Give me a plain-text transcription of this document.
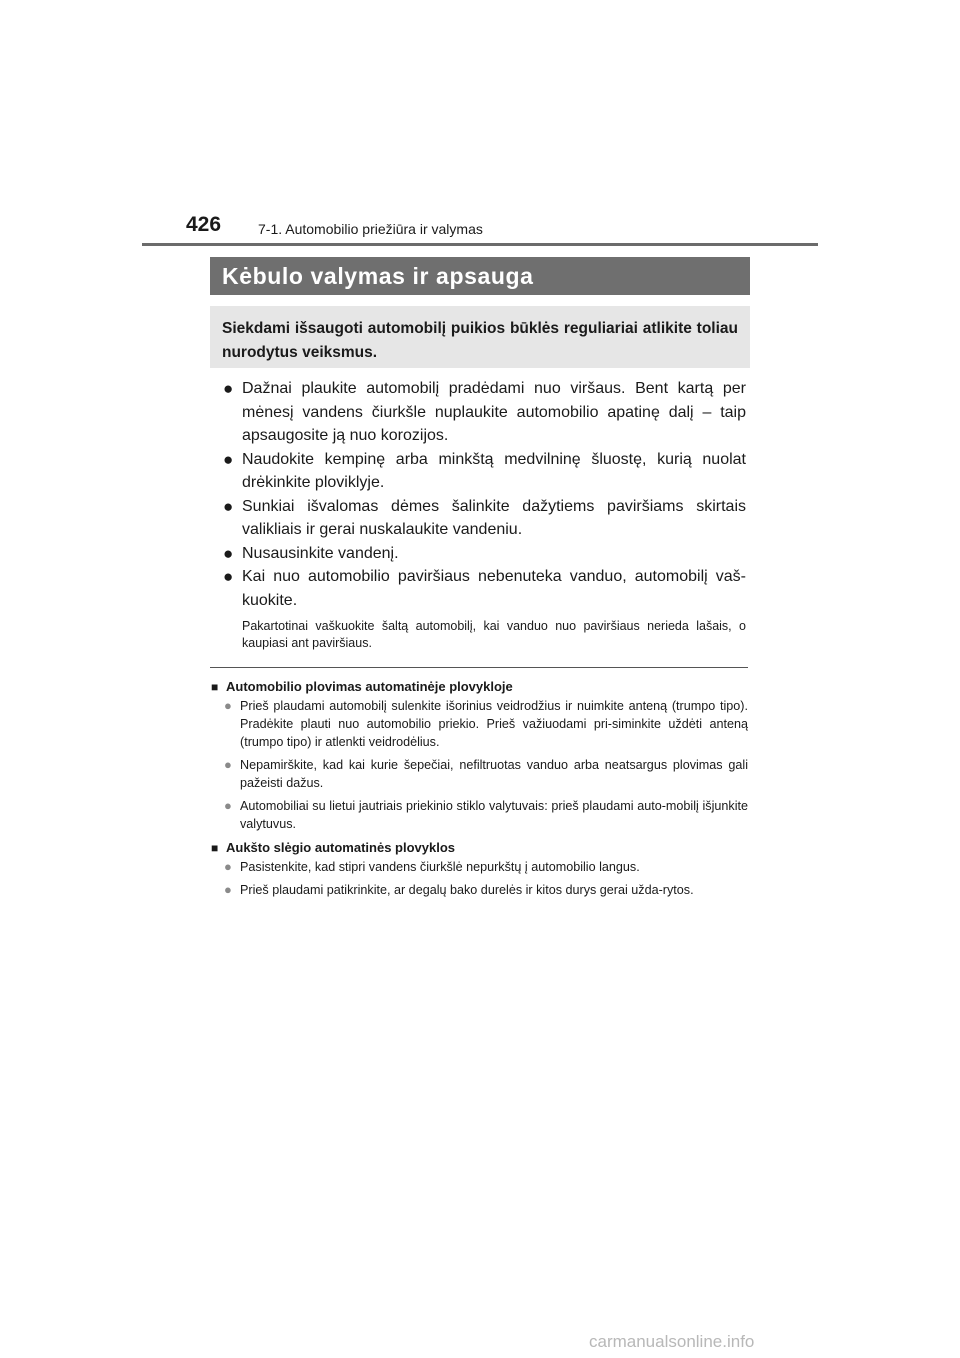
426	7-1. Automobilio priežiūra ir valymas
Kėbulo valymas ir apsauga
Siekdami išsaugoti automobilį puikios būklės reguliariai atlikite toliau nurodytus veiksmus.
● Dažnai plaukite automobilį pradėdami nuo viršaus. Bent kartą per mėnesį vandens čiurkšle nuplaukite automobilio apatinę dalį – taip apsaugosite ją nuo korozijos.
● Naudokite kempinę arba minkštą medvilninę šluostę, kurią nuolat drėkinkite ploviklyje.
● Sunkiai išvalomas dėmes šalinkite dažytiems paviršiams skirtais valikliais ir gerai nuskalaukite vandeniu.
● Nusausinkite vandenį.
● Kai nuo automobilio paviršiaus nebenuteka vanduo, automobilį vaš-kuokite.
Pakartotinai vaškuokite šaltą automobilį, kai vanduo nuo paviršiaus nerieda lašais, o kaupiasi ant paviršiaus.
■ Automobilio plovimas automatinėje plovykloje
● Prieš plaudami automobilį sulenkite išorinius veidrodžius ir nuimkite anteną (trumpo tipo). Pradėkite plauti nuo automobilio priekio. Prieš važiuodami pri-siminkite uždėti anteną (trumpo tipo) ir atlenkti veidrodėlius.
● Nepamirškite, kad kai kurie šepečiai, nefiltruotas vanduo arba neatsargus plovimas gali pažeisti dažus.
● Automobiliai su lietui jautriais priekinio stiklo valytuvais: prieš plaudami auto-mobilį išjunkite valytuvus.
■ Aukšto slėgio automatinės plovyklos
● Pasistenkite, kad stipri vandens čiurkšlė nepurkštų į automobilio langus.
● Prieš plaudami patikrinkite, ar degalų bako durelės ir kitos durys gerai užda-rytos.
carmanualsonline.info
